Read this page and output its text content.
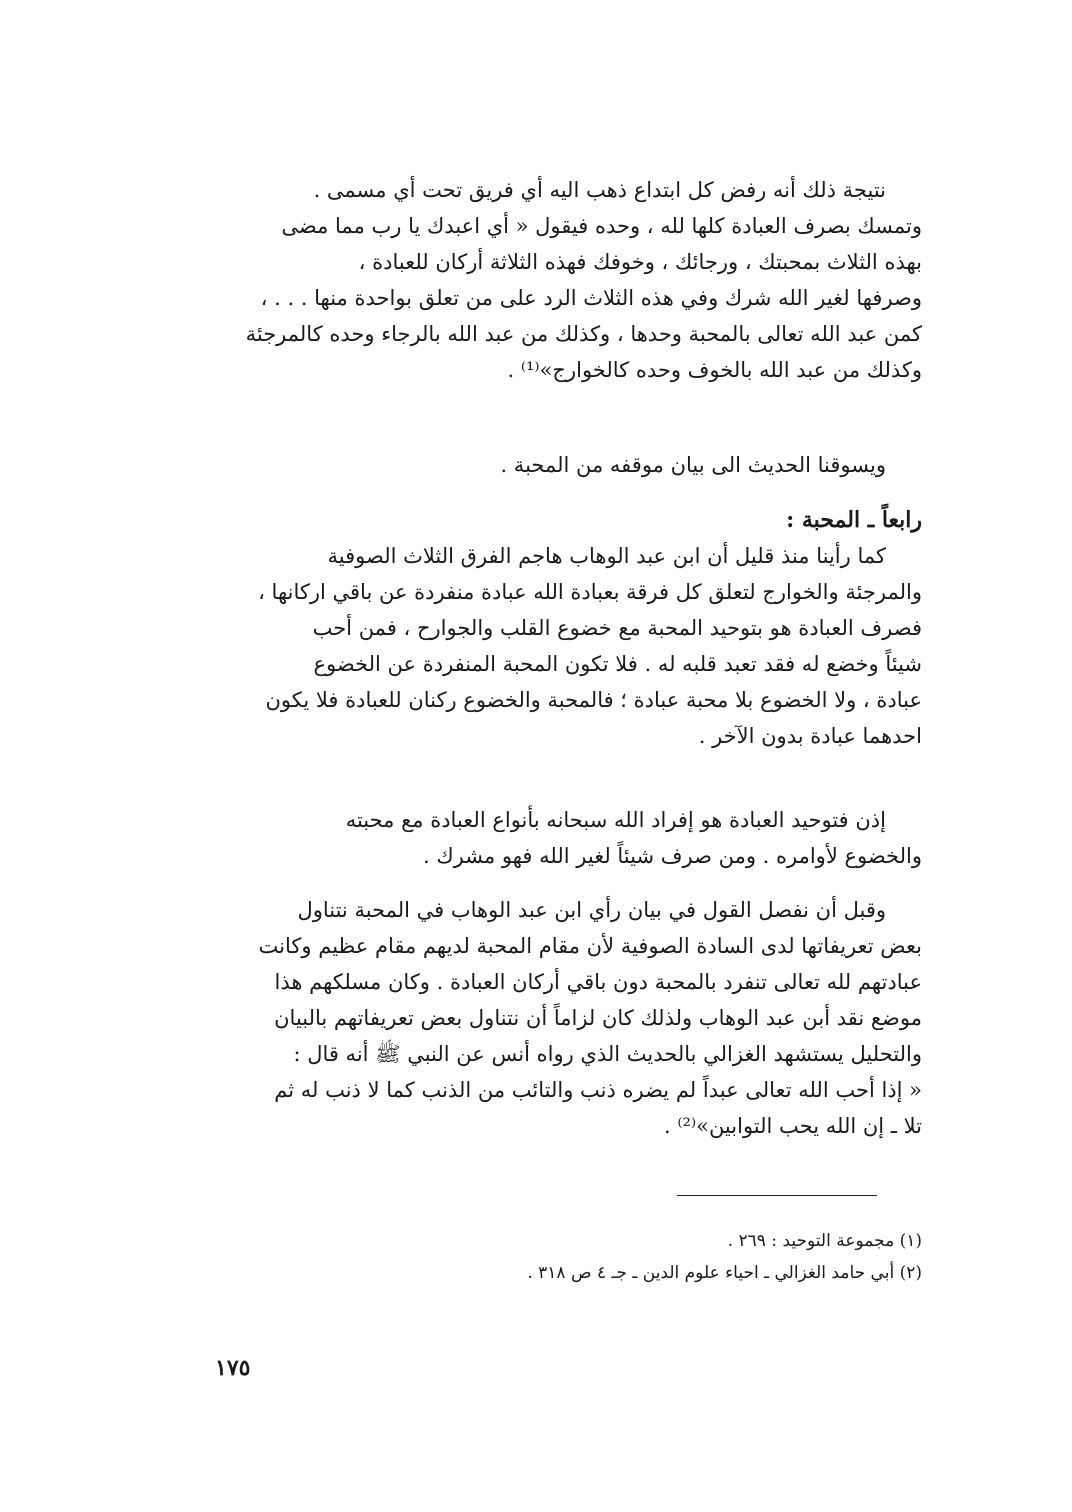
نتيجة ذلك أنه رفض كل ابتداع ذهب اليه أي فريق تحت أي مسمى .
وتمسك بصرف العبادة كلها لله ، وحده فيقول « أي اعبدك يا رب مما مضى
بهذه الثلاث بمحبتك ، ورجائك ، وخوفك فهذه الثلاثة أركان للعبادة ،
وصرفها لغير الله شرك وفي هذه الثلاث الرد على من تعلق بواحدة منها . . . ،
كمن عبد الله تعالى بالمحبة وحدها ، وكذلك من عبد الله بالرجاء وحده كالمرجئة
وكذلك من عبد الله بالخوف وحده كالخوارج»⁽¹⁾ .
ويسوقنا الحديث الى بيان موقفه من المحبة .
رابعاً ـ المحبة :
كما رأينا منذ قليل أن ابن عبد الوهاب هاجم الفرق الثلاث الصوفية
والمرجئة والخوارج لتعلق كل فرقة بعبادة الله عبادة منفردة عن باقي اركانها ،
فصرف العبادة هو بتوحيد المحبة مع خضوع القلب والجوارح ، فمن أحب
شيئاً وخضع له فقد تعبد قلبه له . فلا تكون المحبة المنفردة عن الخضوع
عبادة ، ولا الخضوع بلا محبة عبادة ؛ فالمحبة والخضوع ركنان للعبادة فلا يكون
احدهما عبادة بدون الآخر .
إذن فتوحيد العبادة هو إفراد الله سبحانه بأنواع العبادة مع محبته
والخضوع لأوامره . ومن صرف شيئاً لغير الله فهو مشرك .
وقبل أن نفصل القول في بيان رأي ابن عبد الوهاب في المحبة نتناول
بعض تعريفاتها لدى السادة الصوفية لأن مقام المحبة لديهم مقام عظيم وكانت
عبادتهم لله تعالى تنفرد بالمحبة دون باقي أركان العبادة . وكان مسلكهم هذا
موضع نقد أبن عبد الوهاب ولذلك كان لزاماً أن نتناول بعض تعريفاتهم بالبيان
والتحليل يستشهد الغزالي بالحديث الذي رواه أنس عن النبي ﷺ أنه قال :
« إذا أحب الله تعالى عبداً لم يضره ذنب والتائب من الذنب كما لا ذنب له ثم
تلا ـ إن الله يحب التوابين»⁽²⁾ .
(١) مجموعة التوحيد : ٢٦٩ .
(٢) أبي حامد الغزالي ـ احياء علوم الدين ـ جـ ٤ ص ٣١٨ .
١٧٥
